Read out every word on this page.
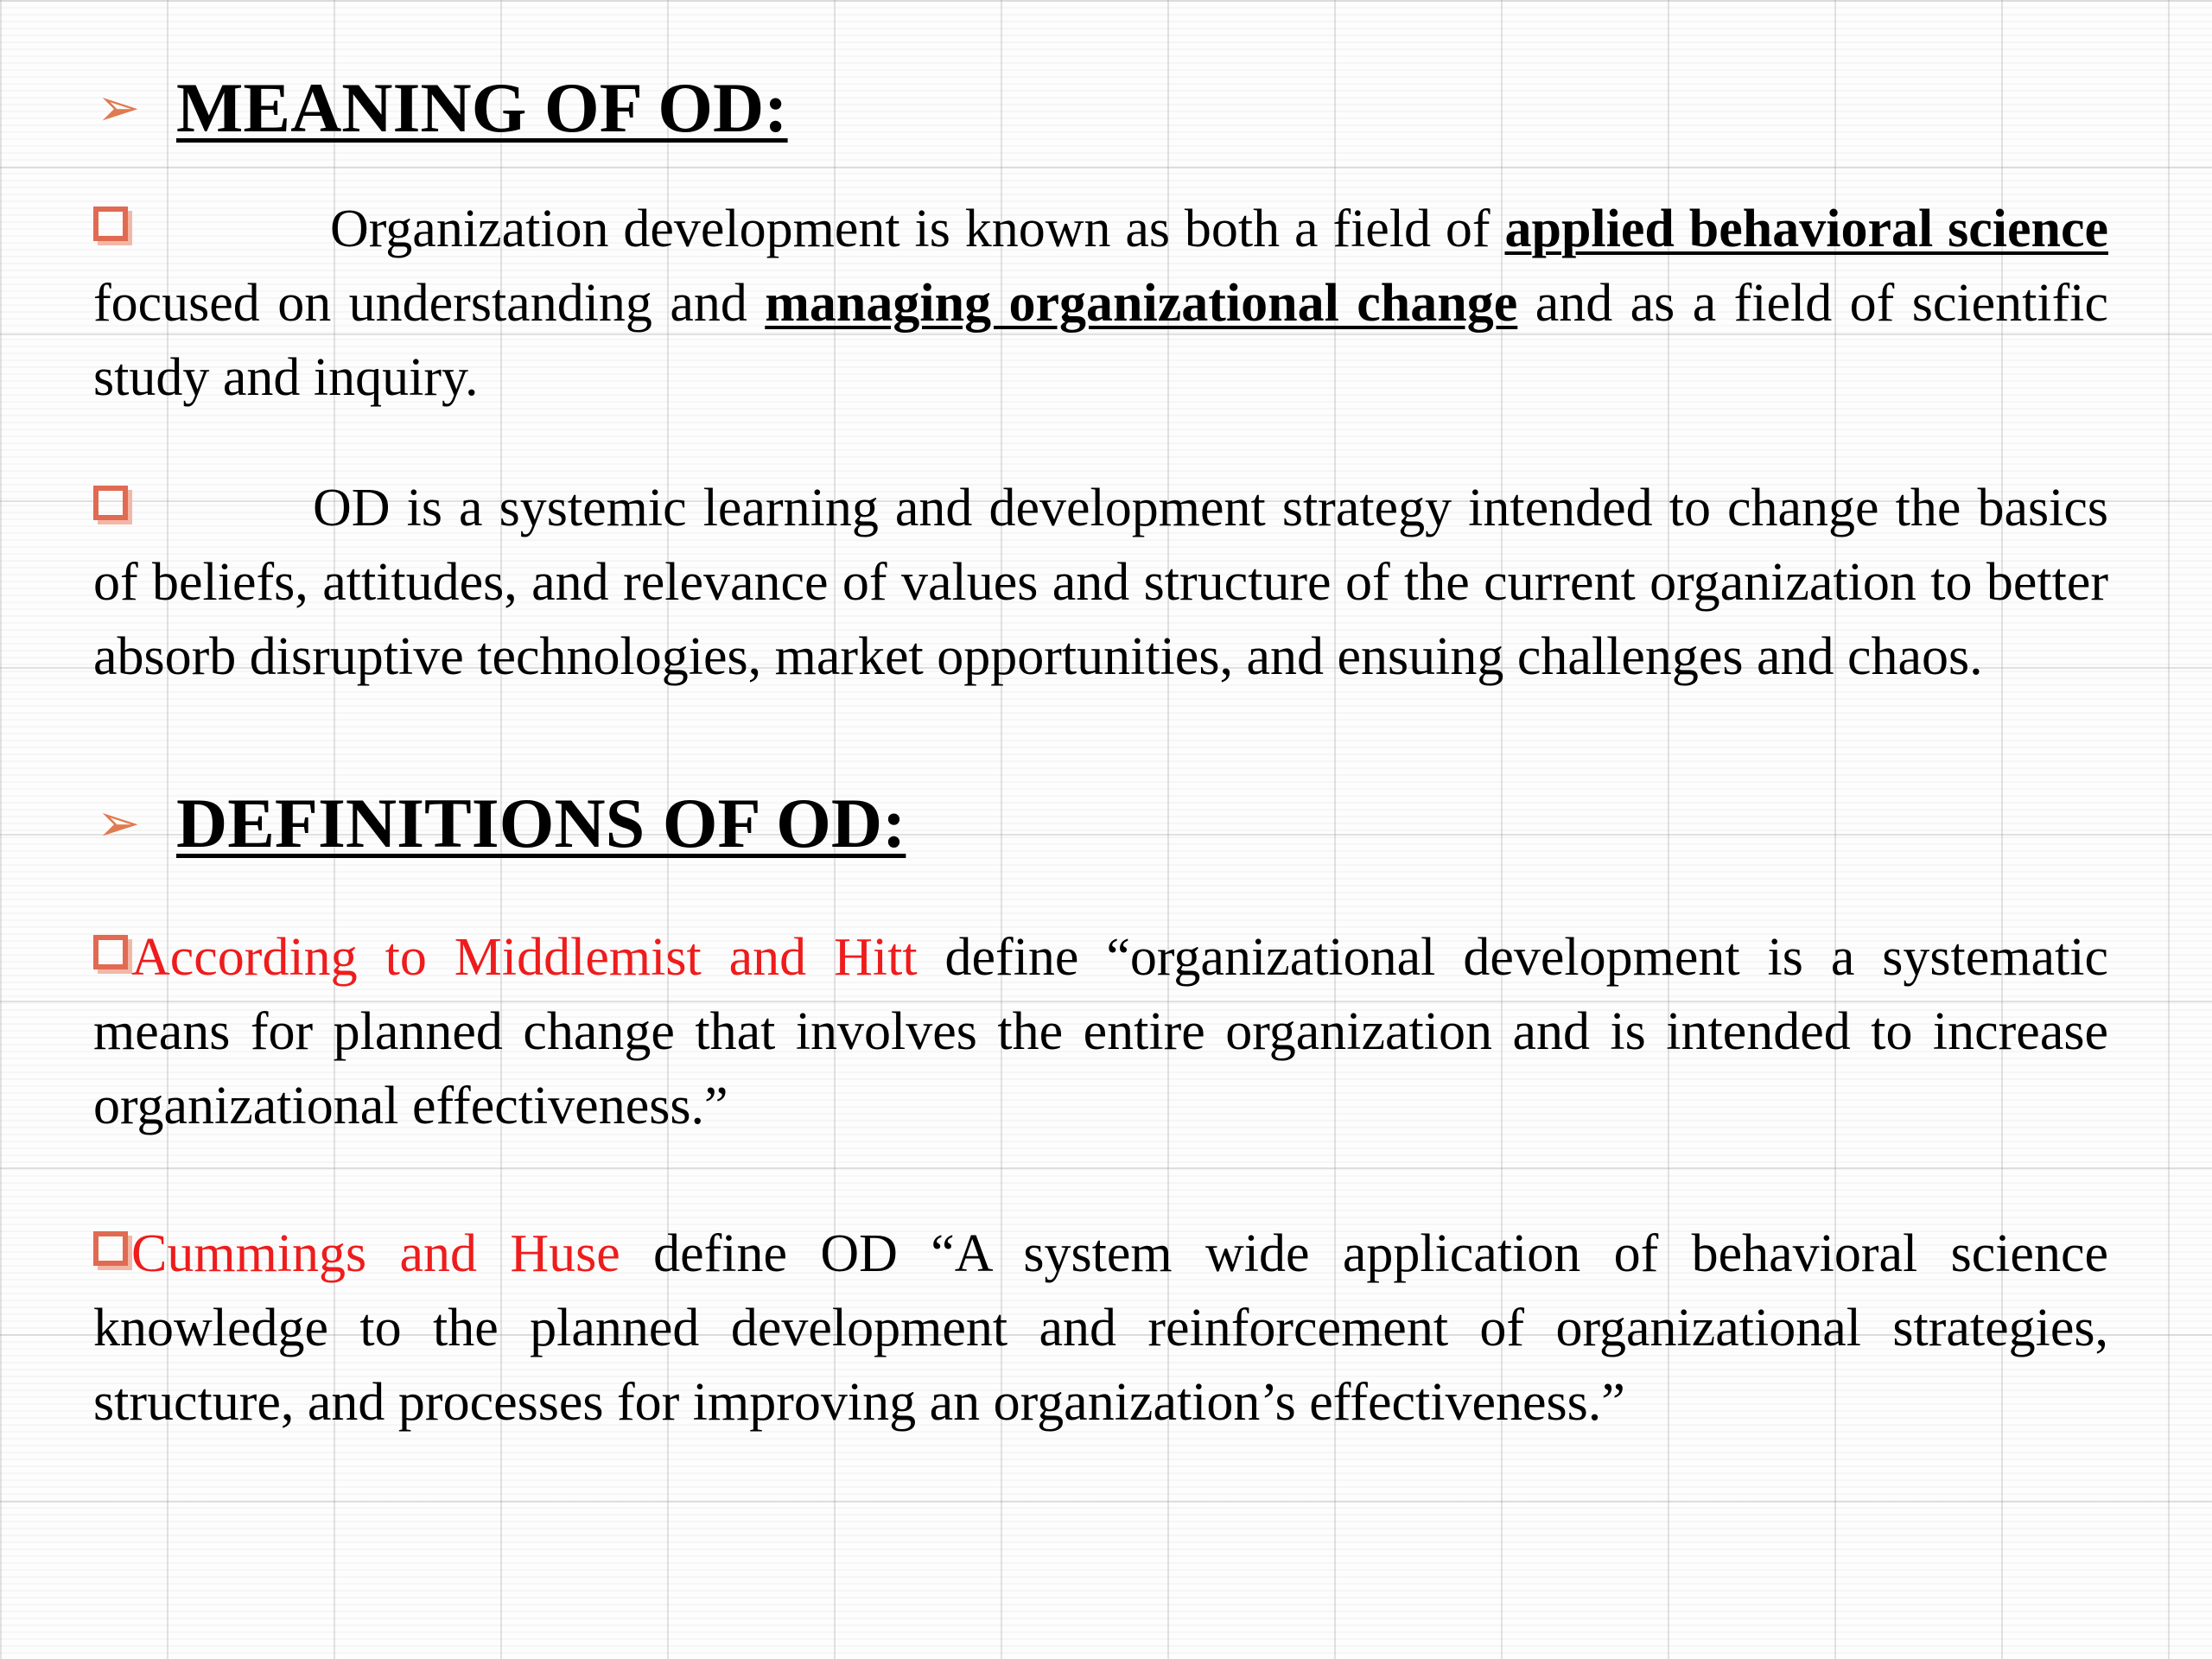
➢ MEANING OF OD:
Organization development is known as both a field of applied behavioral science focused on understanding and managing organizational change and as a field of scientific study and inquiry.
OD is a systemic learning and development strategy intended to change the basics of beliefs, attitudes, and relevance of values and structure of the current organization to better absorb disruptive technologies, market opportunities, and ensuing challenges and chaos.
➢ DEFINITIONS OF OD:
According to Middlemist and Hitt define “organizational development is a systematic means for planned change that involves the entire organization and is intended to increase organizational effectiveness.”
Cummings and Huse define OD “A system wide application of behavioral science knowledge to the planned development and reinforcement of organizational strategies, structure, and processes for improving an organization’s effectiveness.”
